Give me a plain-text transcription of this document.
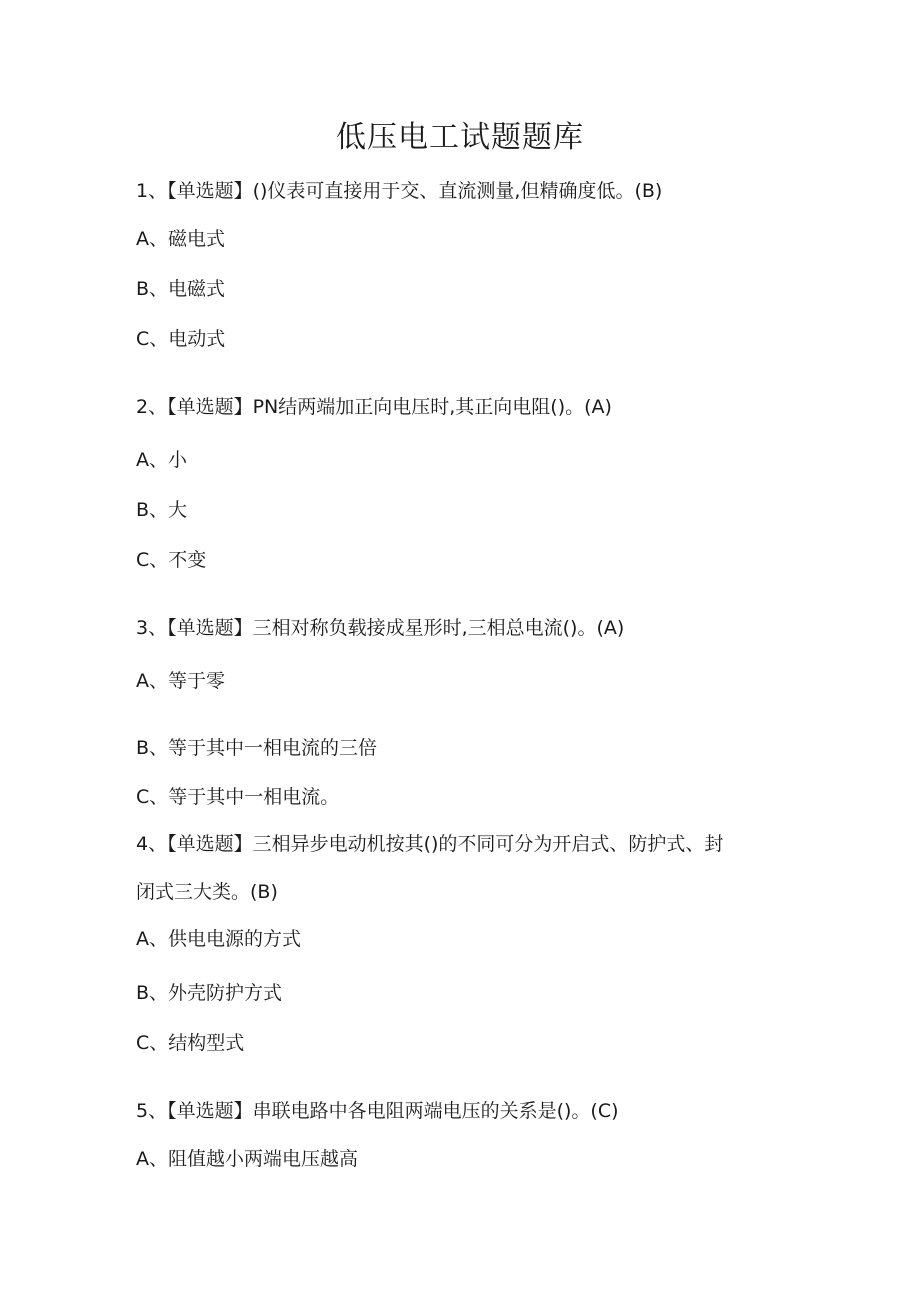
低压电工试题题库
1、【单选题】()仪表可直接用于交、直流测量,但精确度低。(B)
A、磁电式
B、电磁式
C、电动式
2、【单选题】PN结两端加正向电压时,其正向电阻()。(A)
A、小
B、大
C、不变
3、【单选题】三相对称负载接成星形时,三相总电流()。(A)
A、等于零
B、等于其中一相电流的三倍
C、等于其中一相电流。
4、【单选题】三相异步电动机按其()的不同可分为开启式、防护式、封
闭式三大类。(B)
A、供电电源的方式
B、外壳防护方式
C、结构型式
5、【单选题】串联电路中各电阻两端电压的关系是()。(C)
A、阻值越小两端电压越高
